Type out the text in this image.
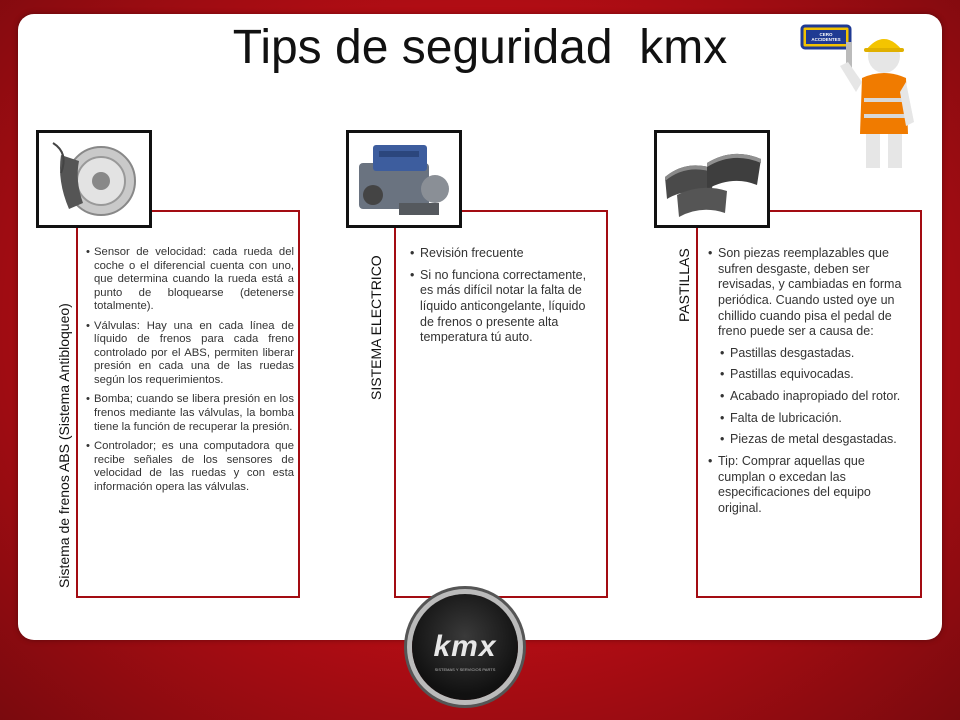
Tips de seguridad  kmx	CERO ACCIDENTES
• Sensor de velocidad: cada rueda del coche o el diferencial cuenta con uno, que determina cuando la rueda está a punto de bloquearse (detenerse totalmente).
• Válvulas: Hay una en cada línea de líquido de frenos para cada freno controlado por el ABS, permiten liberar presión en cada una de las ruedas según los requerimientos.
• Bomba; cuando se libera presión en los frenos mediante las válvulas, la bomba tiene la función de recuperar la presión.
• Controlador; es una computadora que recibe señales de los sensores de velocidad de las ruedas y con esta información opera las válvulas.
Sistema de frenos ABS (Sistema Antibloqueo)
• Revisión frecuente
• Si no funciona correctamente, es más difícil notar la falta de líquido anticongelante, líquido de frenos o presente alta temperatura tú auto.
SISTEMA ELECTRICO
• Son piezas reemplazables que sufren desgaste, deben ser revisadas, y cambiadas en forma periódica. Cuando usted oye un chillido cuando pisa el pedal de freno puede ser a causa de:
• Pastillas desgastadas.
• Pastillas equivocadas.
• Acabado inapropiado del rotor.
• Falta de lubricación.
• Piezas de metal desgastadas.
• Tip: Comprar aquellas que cumplan o excedan las especificaciones del equipo original.
PASTILLAS
kmx
SISTEMAS Y SERVICIOS PARTS
